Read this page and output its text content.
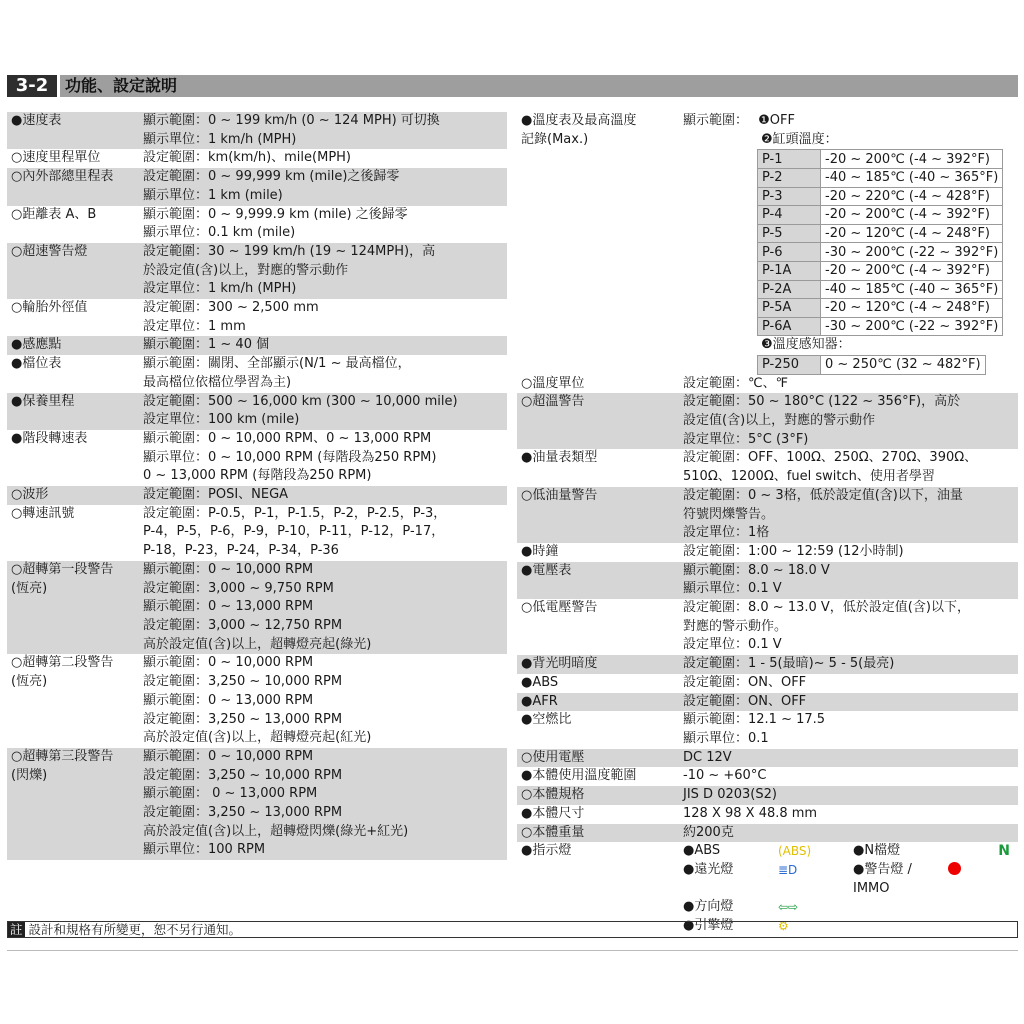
3-2	功能、設定說明
●速度表	顯示範圍：0 ~ 199 km/h (0 ~ 124 MPH) 可切換
顯示單位：1 km/h (MPH)
○速度里程單位	設定範圍：km(km/h)、mile(MPH)
○內外部總里程表 設定範圍：0 ~ 99,999 km (mile)之後歸零
顯示單位：1 km (mile)
○距離表 A、B	顯示範圍：0 ~ 9,999.9 km (mile) 之後歸零
顯示單位：0.1 km (mile)
○超速警告燈	設定範圍：30 ~ 199 km/h (19 ~ 124MPH)，高
於設定值(含)以上，對應的警示動作
設定單位：1 km/h (MPH)
○輪胎外徑值	設定範圍：300 ~ 2,500 mm
設定單位：1 mm
●感應點	顯示範圍：1 ~ 40 個
●檔位表	顯示範圍：關閉、全部顯示(N/1 ~ 最高檔位，
最高檔位依檔位學習為主)
●保養里程	設定範圍：500 ~ 16,000 km (300 ~ 10,000 mile)
設定單位：100 km (mile)
●階段轉速表	顯示範圍：0 ~ 10,000 RPM、0 ~ 13,000 RPM
顯示單位：0 ~ 10,000 RPM (每階段為250 RPM)
0 ~ 13,000 RPM (每階段為250 RPM)
○波形	設定範圍：POSI、NEGA
○轉速訊號	設定範圍：P-0.5，P-1，P-1.5，P-2，P-2.5，P-3，
P-4，P-5，P-6，P-9，P-10，P-11，P-12，P-17，
P-18，P-23，P-24，P-34，P-36
○超轉第一段警告
(恆亮)
顯示範圍：0 ~ 10,000 RPM
設定範圍：3,000 ~ 9,750 RPM
顯示範圍：0 ~ 13,000 RPM
設定範圍：3,000 ~ 12,750 RPM
高於設定值(含)以上，超轉燈亮起(綠光)
○超轉第二段警告
(恆亮)
顯示範圍：0 ~ 10,000 RPM
設定範圍：3,250 ~ 10,000 RPM
顯示範圍：0 ~ 13,000 RPM
設定範圍：3,250 ~ 13,000 RPM
高於設定值(含)以上，超轉燈亮起(紅光)
○超轉第三段警告
(閃爍)
顯示範圍：0 ~ 10,000 RPM
設定範圍：3,250 ~ 10,000 RPM
顯示範圍： 0 ~ 13,000 RPM
設定範圍：3,250 ~ 13,000 RPM
高於設定值(含)以上，超轉燈閃爍(綠光+紅光)
顯示單位：100 RPM
●溫度表及最高溫度
記錄(Max.)
顯示範圍： ❶OFF
❷缸頭溫度：
P-1	-20 ~ 200℃ (-4 ~ 392°F)
P-2	-40 ~ 185℃ (-40 ~ 365°F)
P-3	-20 ~ 220℃ (-4 ~ 428°F)
P-4	-20 ~ 200℃ (-4 ~ 392°F)
P-5	-20 ~ 120℃ (-4 ~ 248°F)
P-6	-30 ~ 200℃ (-22 ~ 392°F)
P-1A	-20 ~ 200℃ (-4 ~ 392°F)
P-2A	-40 ~ 185℃ (-40 ~ 365°F)
P-5A	-20 ~ 120℃ (-4 ~ 248°F)
P-6A	-30 ~ 200℃ (-22 ~ 392°F)
❸溫度感知器：
P-250	0 ~ 250℃ (32 ~ 482°F)
○溫度單位	設定範圍：℃、℉
○超溫警告	設定範圍：50 ~ 180°C (122 ~ 356°F)，高於
設定值(含)以上，對應的警示動作
設定單位：5°C (3°F)
●油量表類型	設定範圍：OFF、100Ω、250Ω、270Ω、390Ω、
510Ω、1200Ω、fuel switch、使用者學習
○低油量警告	設定範圍：0 ~ 3格，低於設定值(含)以下，油量
符號閃爍警告。
設定單位：1格
●時鐘	設定範圍：1:00 ~ 12:59 (12小時制)
●電壓表	顯示範圍：8.0 ~ 18.0 V
顯示單位：0.1 V
○低電壓警告	設定範圍：8.0 ~ 13.0 V，低於設定值(含)以下，
對應的警示動作。
設定單位：0.1 V
●背光明暗度	設定範圍：1 - 5(最暗)~ 5 - 5(最亮)
●ABS	設定範圍：ON、OFF
●AFR	設定範圍：ON、OFF
●空燃比	顯示範圍：12.1 ~ 17.5
顯示單位：0.1
○使用電壓	DC 12V
●本體使用溫度範圍	-10 ~ +60°C
○本體規格	JIS D 0203(S2)
●本體尺寸	128 X 98 X 48.8 mm
○本體重量	約200克
●指示燈	●ABS	(ABS)	●N檔燈	N
●遠光燈	≣D	●警告燈 / IMMO
●方向燈	⇦⇨
●引擎燈	⚙
註 設計和規格有所變更，恕不另行通知。
